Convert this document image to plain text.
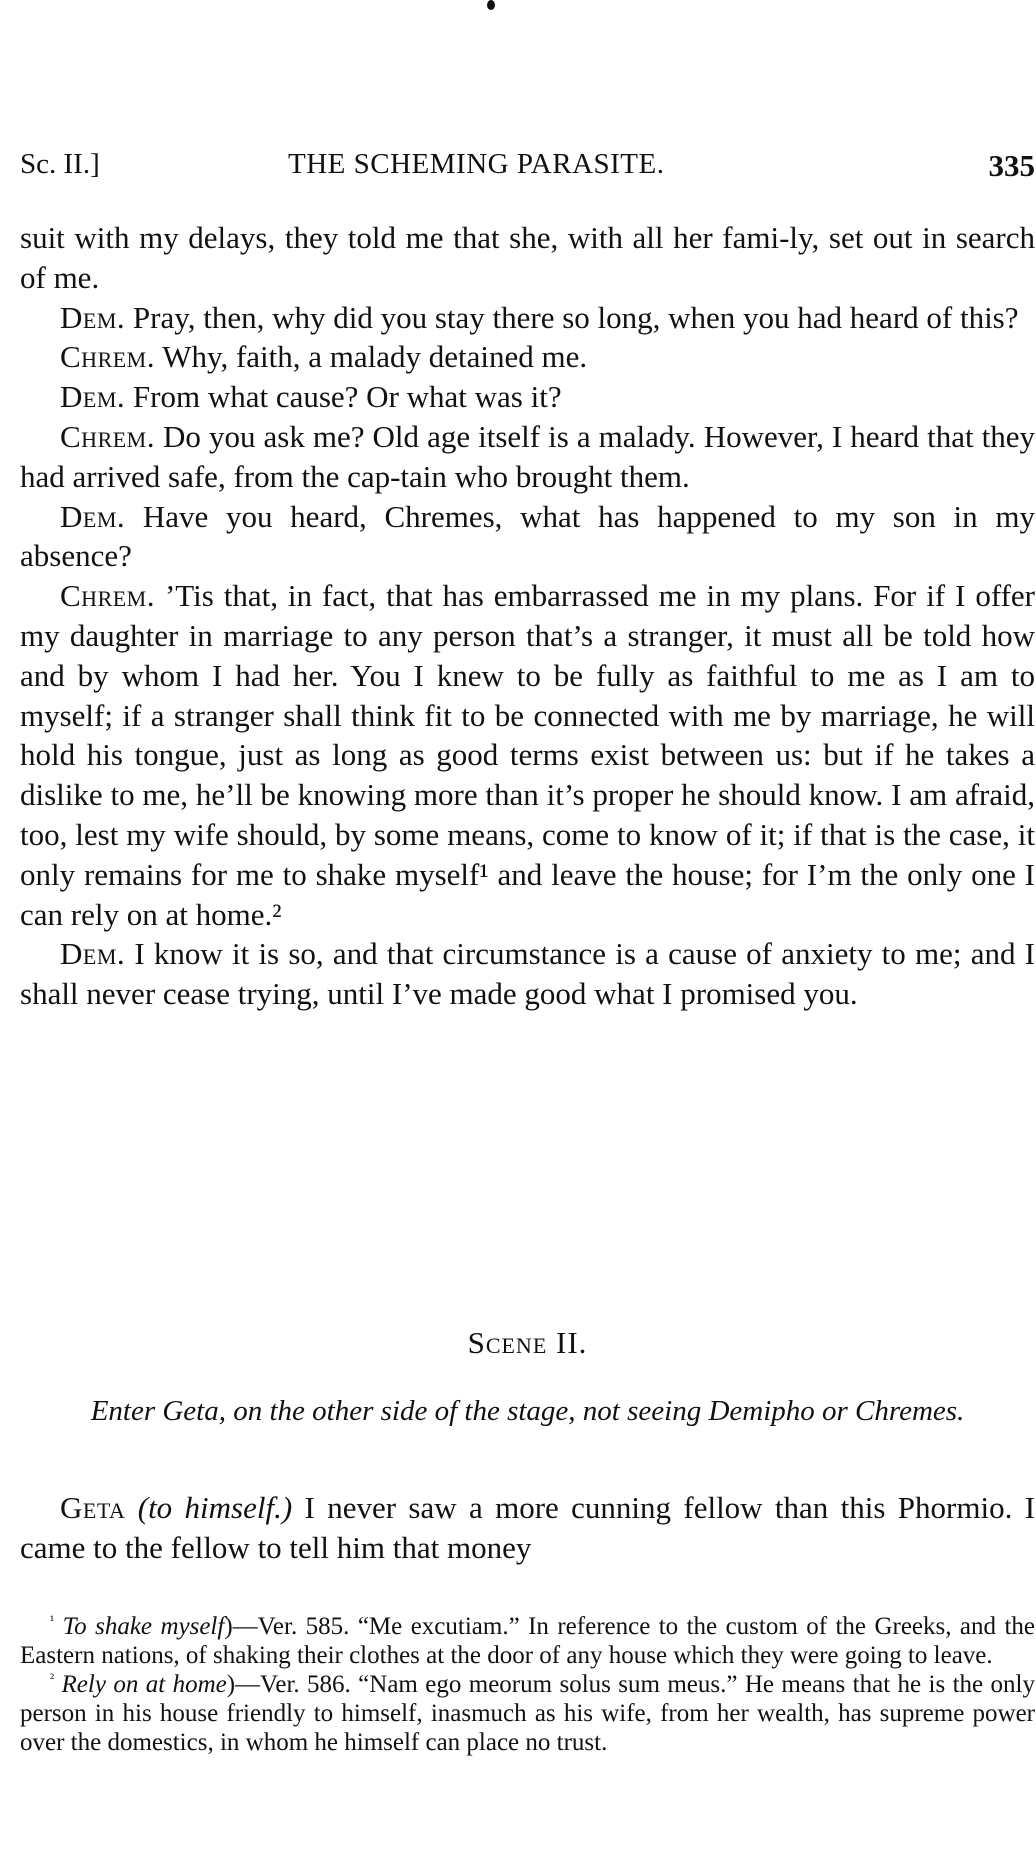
Sc. II.]	THE SCHEMING PARASITE.	335

suit with my delays, they told me that she, with all her fami-ly, set out in search of me.

Dem. Pray, then, why did you stay there so long, when you had heard of this?

Chrem. Why, faith, a malady detained me.

Dem. From what cause? Or what was it?

Chrem. Do you ask me? Old age itself is a malady. However, I heard that they had arrived safe, from the cap-tain who brought them.

Dem. Have you heard, Chremes, what has happened to my son in my absence?

Chrem. ’Tis that, in fact, that has embarrassed me in my plans. For if I offer my daughter in marriage to any person that’s a stranger, it must all be told how and by whom I had her. You I knew to be fully as faithful to me as I am to myself; if a stranger shall think fit to be connected with me by marriage, he will hold his tongue, just as long as good terms exist between us: but if he takes a dislike to me, he’ll be knowing more than it’s proper he should know. I am afraid, too, lest my wife should, by some means, come to know of it; if that is the case, it only remains for me to shake myself¹ and leave the house; for I’m the only one I can rely on at home.²

Dem. I know it is so, and that circumstance is a cause of anxiety to me; and I shall never cease trying, until I’ve made good what I promised you.

Scene II.
Enter Geta, on the other side of the stage, not seeing Demipho or Chremes.

Geta (to himself.) I never saw a more cunning fellow than this Phormio. I came to the fellow to tell him that money

$^{^1}$ To shake myself)—Ver. 585. “Me excutiam.” In reference to the custom of the Greeks, and the Eastern nations, of shaking their clothes at the door of any house which they were going to leave.

$^{^2}$ Rely on at home)—Ver. 586. “Nam ego meorum solus sum meus.” He means that he is the only person in his house friendly to himself, inasmuch as his wife, from her wealth, has supreme power over the domestics, in whom he himself can place no trust.
